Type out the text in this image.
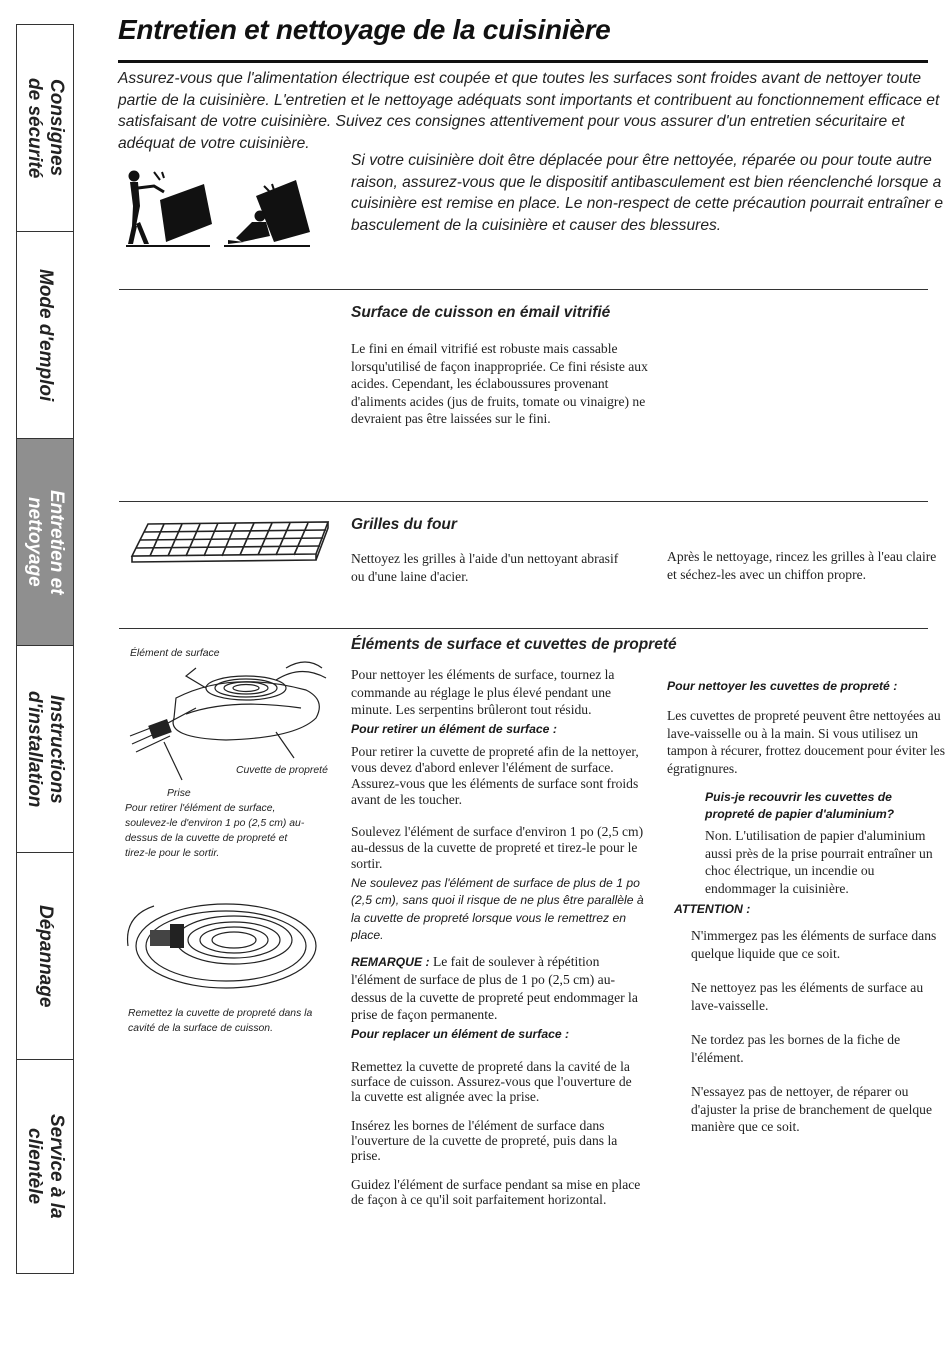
Consignes
de sécurité
Mode d'emploi
Entretien et
nettoyage
Instructions
d'installation
Dépannage
Service à la
clientèle
Entretien et nettoyage de la cuisinière

Assurez-vous que l'alimentation électrique est coupée et que toutes les surfaces sont froides avant de nettoyer toute partie de la cuisinière. L'entretien et le nettoyage adéquats sont importants et contribuent au fonctionnement efficace et satisfaisant de votre cuisinière. Suivez ces consignes attentivement pour vous assurer d'un entretien sécuritaire et adéquat de votre cuisinière.

Si votre cuisinière doit être déplacée pour être nettoyée, réparée ou pour toute autre raison, assurez-vous que le dispositif antibasculement est bien réenclenché lorsque a cuisinière est remise en place. Le non-respect de cette précaution pourrait entraîner e basculement de la cuisinière et causer des blessures.

Surface de cuisson en émail vitrifié

Le fini en émail vitrifié est robuste mais cassable lorsqu'utilisé de façon inappropriée. Ce fini résiste aux acides. Cependant, les éclaboussures provenant d'aliments acides (jus de fruits, tomate ou vinaigre) ne devraient pas être laissées sur le fini.

Grilles du four

Nettoyez les grilles à l'aide d'un nettoyant abrasif ou d'une laine d'acier.

Après le nettoyage, rincez les grilles à l'eau claire et séchez-les avec un chiffon propre.

Éléments de surface et cuvettes de propreté
Élément de surface
Cuvette de propreté
Prise

Pour retirer l'élément de surface, soulevez-le d'environ 1 po (2,5 cm) au-dessus de la cuvette de propreté et tirez-le pour le sortir.

Remettez la cuvette de propreté dans la cavité de la surface de cuisson.

Pour nettoyer les éléments de surface, tournez la commande au réglage le plus élevé pendant une minute. Les serpentins brûleront tout résidu.

Pour retirer un élément de surface :

Pour retirer la cuvette de propreté afin de la nettoyer, vous devez d'abord enlever l'élément de surface.

Assurez-vous que les éléments de surface sont froids avant de les toucher.

Soulevez l'élément de surface d'environ 1 po (2,5 cm) au-dessus de la cuvette de propreté et tirez-le pour le sortir.

Ne soulevez pas l'élément de surface de plus de 1 po (2,5 cm), sans quoi il risque de ne plus être parallèle à la cuvette de propreté lorsque vous le remettrez en place.

REMARQUE : Le fait de soulever à répétition l'élément de surface de plus de 1 po (2,5 cm) au-dessus de la cuvette de propreté peut endommager la prise de façon permanente.

Pour replacer un élément de surface :

Remettez la cuvette de propreté dans la cavité de la surface de cuisson. Assurez-vous que l'ouverture de la cuvette est alignée avec la prise.

Insérez les bornes de l'élément de surface dans l'ouverture de la cuvette de propreté, puis dans la prise.

Guidez l'élément de surface pendant sa mise en place de façon à ce qu'il soit parfaitement horizontal.

Pour nettoyer les cuvettes de propreté :

Les cuvettes de propreté peuvent être nettoyées au lave-vaisselle ou à la main. Si vous utilisez un tampon à récurer, frottez doucement pour éviter les égratignures.

Puis-je recouvrir les cuvettes de propreté de papier d'aluminium?

Non. L'utilisation de papier d'aluminium aussi près de la prise pourrait entraîner un choc électrique, un incendie ou endommager la cuisinière.

ATTENTION :

N'immergez pas les éléments de surface dans quelque liquide que ce soit.

Ne nettoyez pas les éléments de surface au lave-vaisselle.

Ne tordez pas les bornes de la fiche de l'élément.

N'essayez pas de nettoyer, de réparer ou d'ajuster la prise de branchement de quelque manière que ce soit.
